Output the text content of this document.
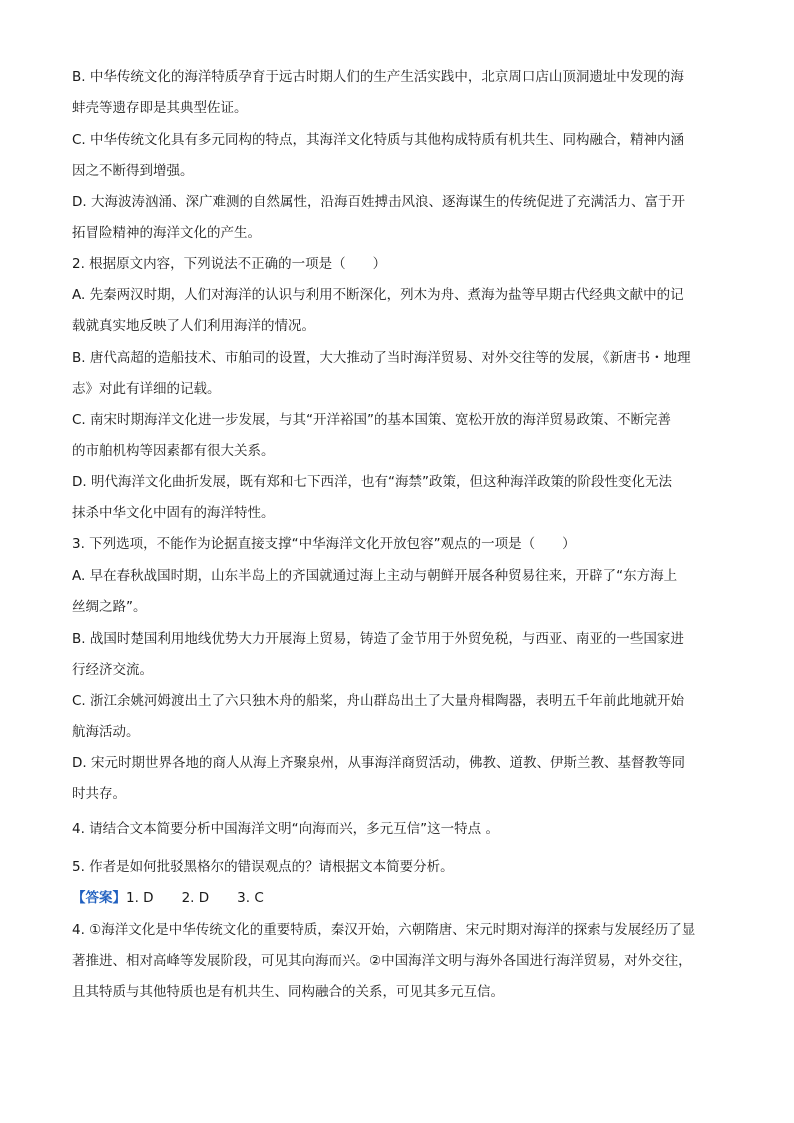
B. 中华传统文化的海洋特质孕育于远古时期人们的生产生活实践中，北京周口店山顶洞遗址中发现的海
蚌壳等遗存即是其典型佐证。
C. 中华传统文化具有多元同构的特点，其海洋文化特质与其他构成特质有机共生、同构融合，精神内涵
因之不断得到增强。
D. 大海波涛汹涌、深广难测的自然属性，沿海百姓搏击风浪、逐海谋生的传统促进了充满活力、富于开
拓冒险精神的海洋文化的产生。
2. 根据原文内容，下列说法不正确的一项是（　　）
A. 先秦两汉时期，人们对海洋的认识与利用不断深化，列木为舟、煮海为盐等早期古代经典文献中的记
载就真实地反映了人们利用海洋的情况。
B. 唐代高超的造船技术、市舶司的设置，大大推动了当时海洋贸易、对外交往等的发展，《新唐书・地理
志》对此有详细的记载。
C. 南宋时期海洋文化进一步发展，与其“开洋裕国”的基本国策、宽松开放的海洋贸易政策、不断完善
的市舶机构等因素都有很大关系。
D. 明代海洋文化曲折发展，既有郑和七下西洋，也有“海禁”政策，但这种海洋政策的阶段性变化无法
抹杀中华文化中固有的海洋特性。
3. 下列选项，不能作为论据直接支撑“中华海洋文化开放包容”观点的一项是（　　）
A. 早在春秋战国时期，山东半岛上的齐国就通过海上主动与朝鲜开展各种贸易往来，开辟了“东方海上
丝绸之路”。
B. 战国时楚国利用地线优势大力开展海上贸易，铸造了金节用于外贸免税，与西亚、南亚的一些国家进
行经济交流。
C. 浙江余姚河姆渡出土了六只独木舟的船桨，舟山群岛出土了大量舟楫陶器，表明五千年前此地就开始
航海活动。
D. 宋元时期世界各地的商人从海上齐聚泉州，从事海洋商贸活动，佛教、道教、伊斯兰教、基督教等同
时共存。
4. 请结合文本简要分析中国海洋文明“向海而兴，多元互信”这一特点 。
5. 作者是如何批驳黑格尔的错误观点的？请根据文本简要分析。
【答案】1. D 2. D 3. C
4. ①海洋文化是中华传统文化的重要特质，秦汉开始，六朝隋唐、宋元时期对海洋的探索与发展经历了显
著推进、相对高峰等发展阶段，可见其向海而兴。②中国海洋文明与海外各国进行海洋贸易，对外交往，
且其特质与其他特质也是有机共生、同构融合的关系，可见其多元互信。
